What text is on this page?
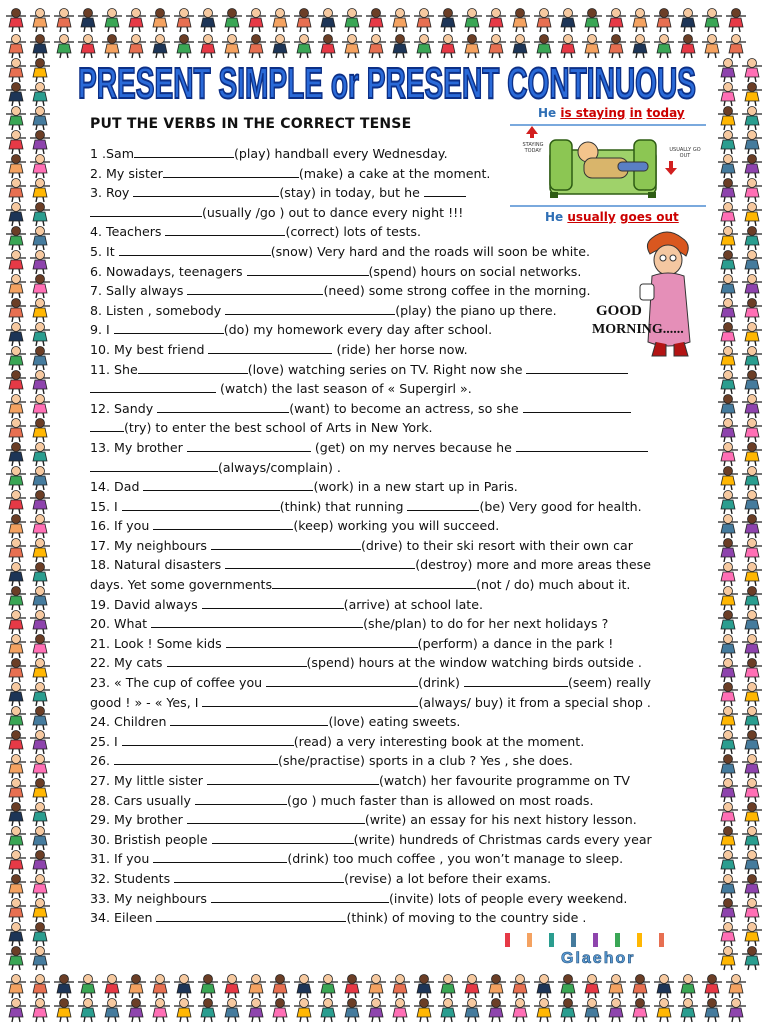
PRESENT SIMPLE or PRESENT CONTINUOUS
PUT THE VERBS IN THE CORRECT TENSE
He is staying in today
STAYING TODAY	USUALLY GO OUT
He usually goes out
GOOD
MORNING......
1 .Sam	(play) handball every Wednesday.
2. My sister	(make) a cake at the moment.
3. Roy	(stay) in today, but he
(usually /go ) out to dance every night !!!
4. Teachers	(correct) lots of tests.
5. It	(snow) Very hard and the roads will soon be white.
6. Nowadays, teenagers	(spend) hours on social networks.
7. Sally always	(need) some strong coffee in the morning.
8. Listen , somebody	(play) the piano up there.
9. I	(do) my homework every day after school.
10. My best friend	(ride) her horse now.
11. She	(love) watching series on TV. Right now she
(watch) the last season of « Supergirl ».
12. Sandy	(want) to become an actress, so she
(try) to enter the best school of Arts in New York.
13. My brother	(get) on my nerves because he
(always/complain) .
14. Dad	(work) in a new start up in Paris.
15. I	(think) that running	(be) Very good for health.
16. If you	(keep) working you will succeed.
17. My neighbours	(drive) to their ski resort with their own car
18. Natural disasters	(destroy) more and more areas these
days. Yet some governments	(not / do) much about it.
19. David always	(arrive) at school late.
20. What	(she/plan) to do for her next holidays ?
21. Look ! Some kids	(perform) a dance in the park !
22. My cats	(spend) hours at the window watching birds outside .
23. « The cup of coffee you	(drink)	(seem) really
good ! » - « Yes, I	(always/ buy) it from a special shop .
24. Children	(love) eating sweets.
25. I	(read) a very interesting book at the moment.
26.	(she/practise) sports in a club ? Yes , she does.
27. My little sister	(watch) her favourite programme on TV
28. Cars usually	(go ) much faster than is allowed on most roads.
29. My brother	(write) an essay for his next history lesson.
30. Bristish people	(write) hundreds of Christmas cards every year
31. If you	(drink) too much coffee , you won’t manage to sleep.
32. Students	(revise) a lot before their exams.
33. My neighbours	(invite) lots of people every weekend.
34. Eileen	(think) of moving to the country side .
Glaehor
